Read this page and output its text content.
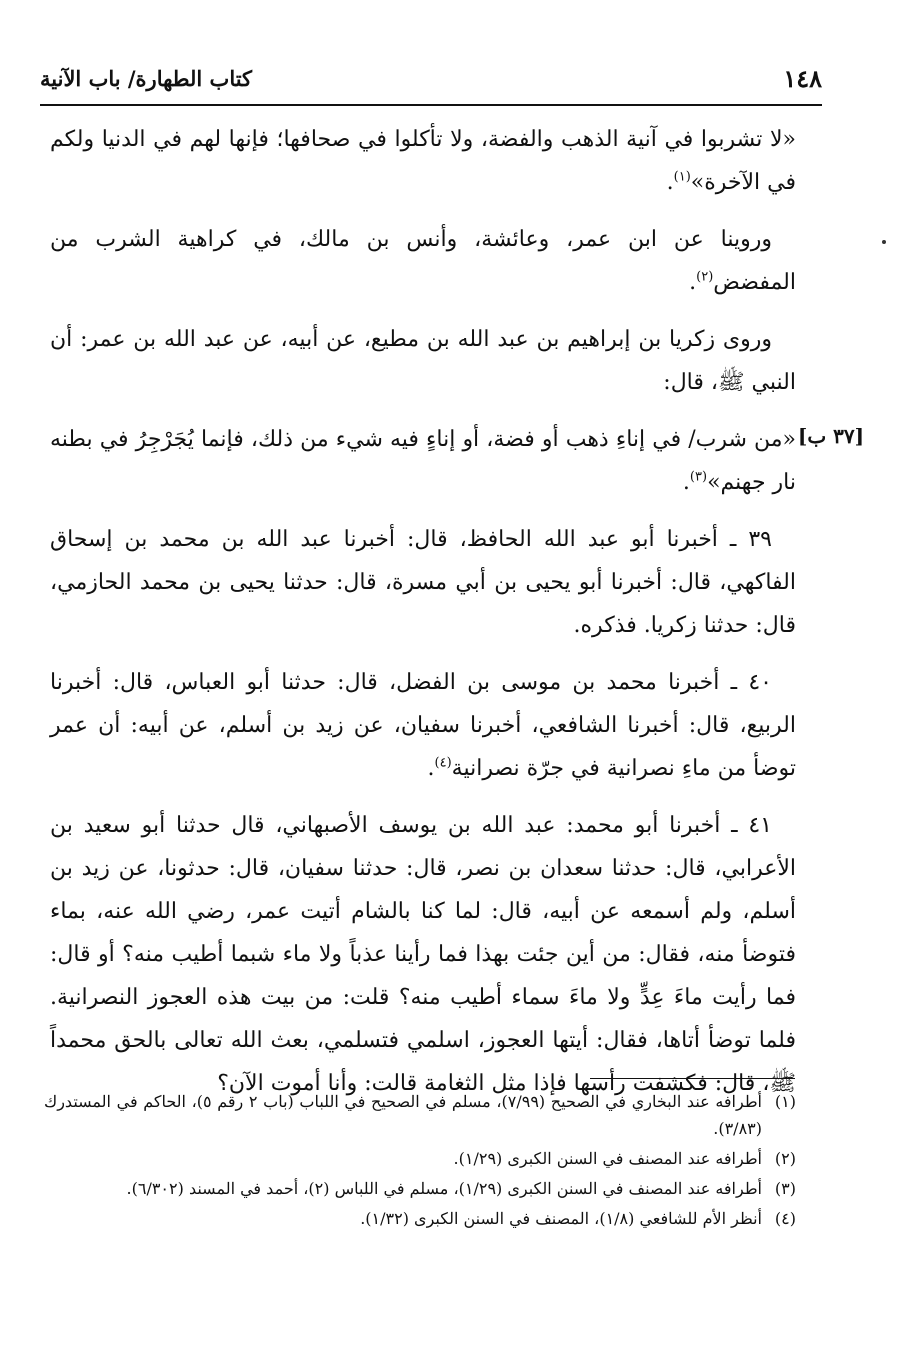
١٤٨
كتاب الطهارة/ باب الآنية
[٣٧ ب]

«لا تشربوا في آنية الذهب والفضة، ولا تأكلوا في صحافها؛ فإنها لهم في الدنيا ولكم في الآخرة»$^{(١)}$.

وروينا عن ابن عمر، وعائشة، وأنس بن مالك، في كراهية الشرب من المفضض$^{(٢)}$.

وروى زكريا بن إبراهيم بن عبد الله بن مطيع، عن أبيه، عن عبد الله بن عمر: أن النبي ﷺ، قال:

«من شرب/ في إناءِ ذهب أو فضة، أو إناءٍ فيه شيء من ذلك، فإنما يُجَرْجِرُ في بطنه نار جهنم»$^{(٣)}$.

٣٩ ـ أخبرنا أبو عبد الله الحافظ، قال: أخبرنا عبد الله بن محمد بن إسحاق الفاكهي، قال: أخبرنا أبو يحيى بن أبي مسرة، قال: حدثنا يحيى بن محمد الحازمي، قال: حدثنا زكريا. فذكره.

٤٠ ـ أخبرنا محمد بن موسى بن الفضل، قال: حدثنا أبو العباس، قال: أخبرنا الربيع، قال: أخبرنا الشافعي، أخبرنا سفيان، عن زيد بن أسلم، عن أبيه: أن عمر توضأ من ماءِ نصرانية في جرّة نصرانية$^{(٤)}$.

٤١ ـ أخبرنا أبو محمد: عبد الله بن يوسف الأصبهاني، قال حدثنا أبو سعيد بن الأعرابي، قال: حدثنا سعدان بن نصر، قال: حدثنا سفيان، قال: حدثونا، عن زيد بن أسلم، ولم أسمعه عن أبيه، قال: لما كنا بالشام أتيت عمر، رضي الله عنه، بماء فتوضأ منه، فقال: من أين جئت بهذا فما رأينا عذباً ولا ماء شبما أطيب منه؟ أو قال: فما رأيت ماءَ عِدٍّ ولا ماءَ سماء أطيب منه؟ قلت: من بيت هذه العجوز النصرانية. فلما توضأ أتاها، فقال: أيتها العجوز، اسلمي فتسلمي، بعث الله تعالى بالحق محمداً ﷺ، قال: فكشفت رأسها فإذا مثل الثغامة قالت: وأنا أموت الآن؟

(١)
أطرافه عند البخاري في الصحيح (٧/٩٩)، مسلم في الصحيح في اللباب (باب ٢ رقم ٥)، الحاكم في المستدرك (٣/٨٣).

(٢)
أطرافه عند المصنف في السنن الكبرى (١/٢٩).

(٣)
أطرافه عند المصنف في السنن الكبرى (١/٢٩)، مسلم في اللباس (٢)، أحمد في المسند (٦/٣٠٢).

(٤)
أنظر الأم للشافعي (١/٨)، المصنف في السنن الكبرى (١/٣٢).
